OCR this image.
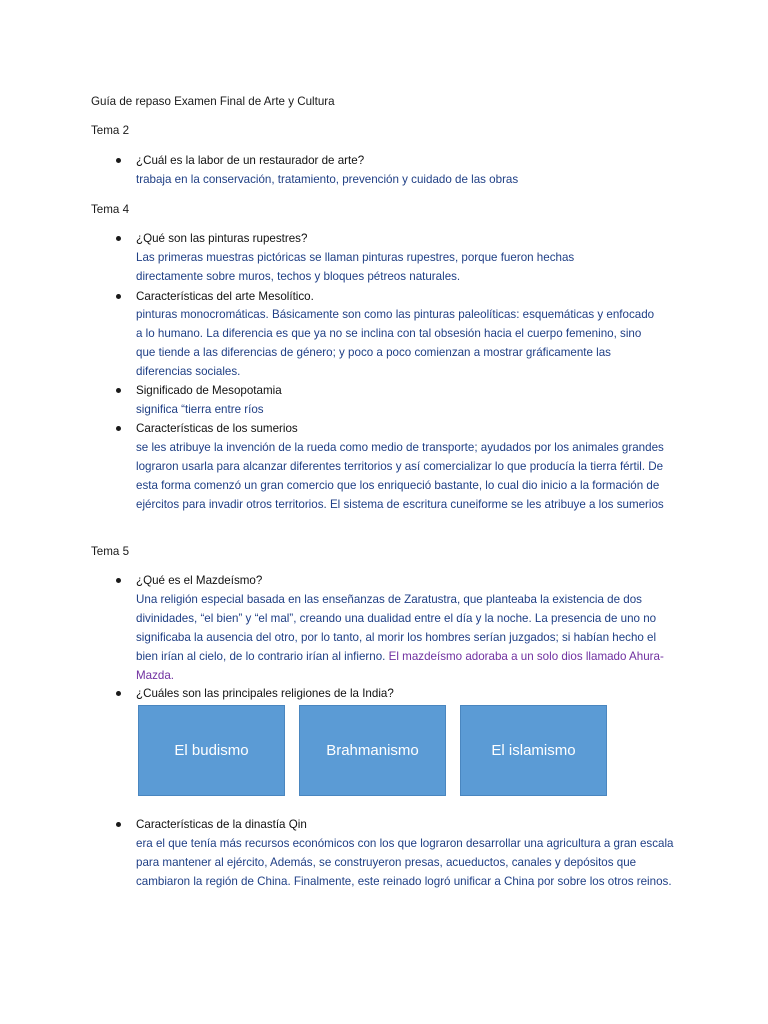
Guía de repaso Examen Final de Arte y Cultura
Tema 2
¿Cuál es la labor de un restaurador de arte?
trabaja en la conservación, tratamiento, prevención y cuidado de las obras
Tema 4
¿Qué son las pinturas rupestres?
Las primeras muestras pictóricas se llaman pinturas rupestres, porque fueron hechas directamente sobre muros, techos y bloques pétreos naturales.
Características del arte Mesolítico.
pinturas monocromáticas. Básicamente son como las pinturas paleolíticas: esquemáticas y enfocado a lo humano. La diferencia es que ya no se inclina con tal obsesión hacia el cuerpo femenino, sino que tiende a las diferencias de género; y poco a poco comienzan a mostrar gráficamente las diferencias sociales.
Significado de Mesopotamia
significa “tierra entre ríos
Características de los sumerios
se les atribuye la invención de la rueda como medio de transporte; ayudados por los animales grandes lograron usarla para alcanzar diferentes territorios y así comercializar lo que producía la tierra fértil. De esta forma comenzó un gran comercio que los enriqueció bastante, lo cual dio inicio a la formación de ejércitos para invadir otros territorios. El sistema de escritura cuneiforme se les atribuye a los sumerios
Tema 5
¿Qué es el Mazdeísmo?
Una religión especial basada en las enseñanzas de Zaratustra, que planteaba la existencia de dos divinidades, “el bien” y “el mal”, creando una dualidad entre el día y la noche. La presencia de uno no significaba la ausencia del otro, por lo tanto, al morir los hombres serían juzgados; si habían hecho el bien irían al cielo, de lo contrario irían al infierno. El mazdeísmo adoraba a un solo dios llamado Ahura-Mazda.
¿Cuáles son las principales religiones de la India?
El budismo	Brahmanismo	El islamismo
Características de la dinastía Qin
era el que tenía más recursos económicos con los que lograron desarrollar una agricultura a gran escala para mantener al ejército, Además, se construyeron presas, acueductos, canales y depósitos que cambiaron la región de China. Finalmente, este reinado logró unificar a China por sobre los otros reinos.
